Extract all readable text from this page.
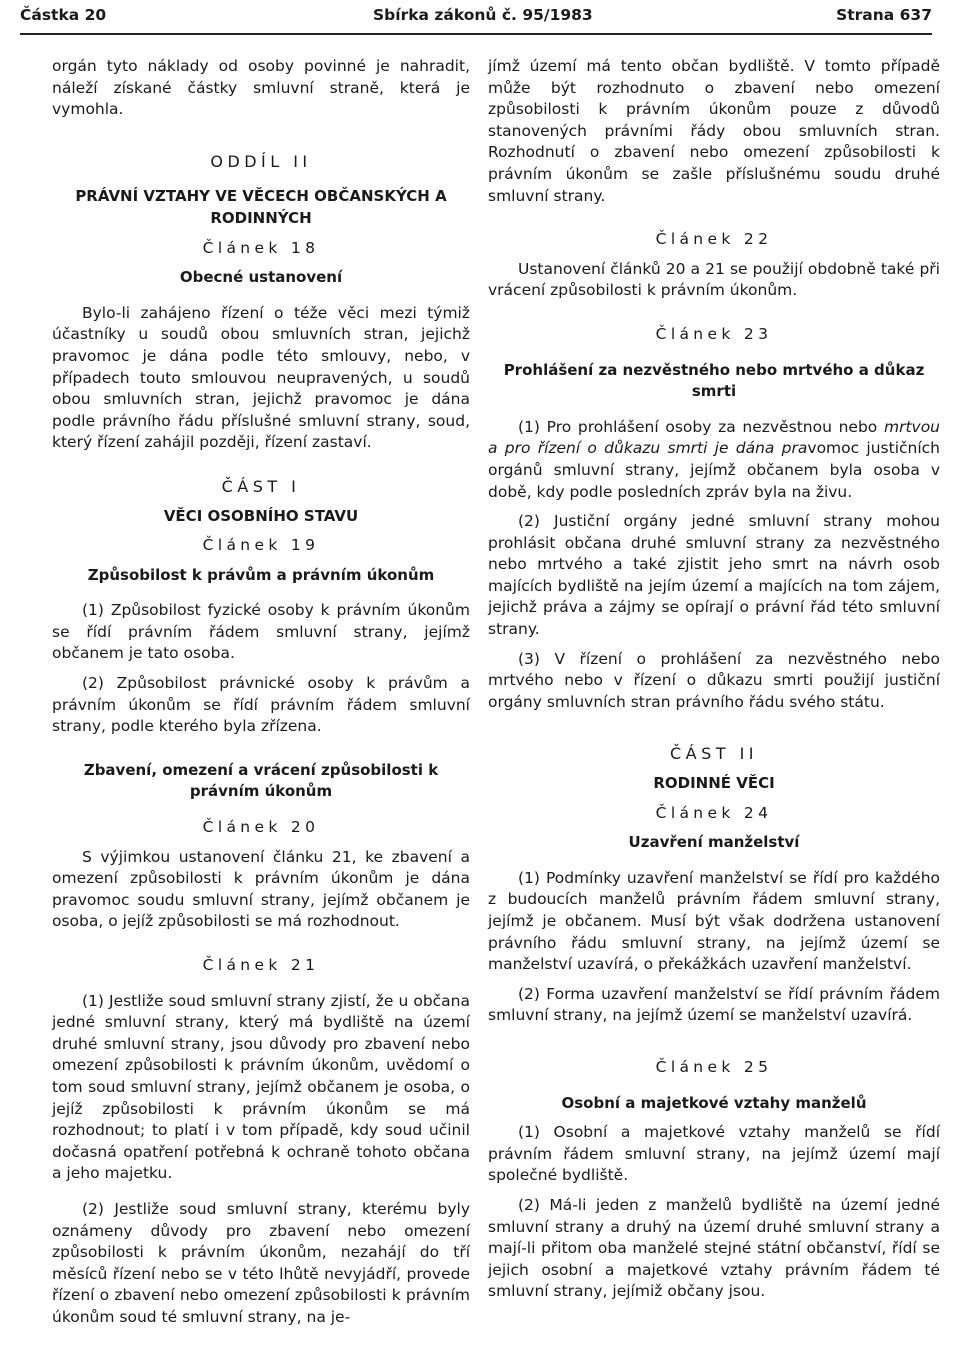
Částka 20	Sbírka zákonů č. 95/1983	Strana 637

orgán tyto náklady od osoby povinné je nahradit, náleží získané částky smluvní straně, která je vymohla.

ODDÍL II

PRÁVNÍ VZTAHY VE VĚCECH OBČANSKÝCH A RODINNÝCH

Článek 18

Obecné ustanovení

Bylo-li zahájeno řízení o téže věci mezi týmiž účastníky u soudů obou smluvních stran, jejichž pravomoc je dána podle této smlouvy, nebo, v případech touto smlouvou neupravených, u soudů obou smluvních stran, jejichž pravomoc je dána podle právního řádu příslušné smluvní strany, soud, který řízení zahájil později, řízení zastaví.

ČÁST I

VĚCI OSOBNÍHO STAVU

Článek 19

Způsobilost k právům a právním úkonům

(1) Způsobilost fyzické osoby k právním úkonům se řídí právním řádem smluvní strany, jejímž občanem je tato osoba.

(2) Způsobilost právnické osoby k právům a právním úkonům se řídí právním řádem smluvní strany, podle kterého byla zřízena.

Zbavení, omezení a vrácení způsobilosti k právním úkonům

Článek 20

S výjimkou ustanovení článku 21, ke zbavení a omezení způsobilosti k právním úkonům je dána pravomoc soudu smluvní strany, jejímž občanem je osoba, o jejíž způsobilosti se má rozhodnout.

Článek 21

(1) Jestliže soud smluvní strany zjistí, že u občana jedné smluvní strany, který má bydliště na území druhé smluvní strany, jsou důvody pro zbavení nebo omezení způsobilosti k právním úkonům, uvědomí o tom soud smluvní strany, jejímž občanem je osoba, o jejíž způsobilosti k právním úkonům se má rozhodnout; to platí i v tom případě, kdy soud učinil dočasná opatření potřebná k ochraně tohoto občana a jeho majetku.

(2) Jestliže soud smluvní strany, kterému byly oznámeny důvody pro zbavení nebo omezení způsobilosti k právním úkonům, nezahájí do tří měsíců řízení nebo se v této lhůtě nevyjádří, provede řízení o zbavení nebo omezení způsobilosti k právním úkonům soud té smluvní strany, na je-

jímž území má tento občan bydliště. V tomto případě může být rozhodnuto o zbavení nebo omezení způsobilosti k právním úkonům pouze z důvodů stanovených právními řády obou smluvních stran. Rozhodnutí o zbavení nebo omezení způsobilosti k právním úkonům se zašle příslušnému soudu druhé smluvní strany.

Článek 22

Ustanovení článků 20 a 21 se použijí obdobně také při vrácení způsobilosti k právním úkonům.

Článek 23

Prohlášení za nezvěstného nebo mrtvého a důkaz smrti

(1) Pro prohlášení osoby za nezvěstnou nebo mrtvou a pro řízení o důkazu smrti je dána pravomoc justičních orgánů smluvní strany, jejímž občanem byla osoba v době, kdy podle posledních zpráv byla na živu.

(2) Justiční orgány jedné smluvní strany mohou prohlásit občana druhé smluvní strany za nezvěstného nebo mrtvého a také zjistit jeho smrt na návrh osob majících bydliště na jejím území a majících na tom zájem, jejichž práva a zájmy se opírají o právní řád této smluvní strany.

(3) V řízení o prohlášení za nezvěstného nebo mrtvého nebo v řízení o důkazu smrti použijí justiční orgány smluvních stran právního řádu svého státu.

ČÁST II

RODINNÉ VĚCI

Článek 24

Uzavření manželství

(1) Podmínky uzavření manželství se řídí pro každého z budoucích manželů právním řádem smluvní strany, jejímž je občanem. Musí být však dodržena ustanovení právního řádu smluvní strany, na jejímž území se manželství uzavírá, o překážkách uzavření manželství.

(2) Forma uzavření manželství se řídí právním řádem smluvní strany, na jejímž území se manželství uzavírá.

Článek 25

Osobní a majetkové vztahy manželů

(1) Osobní a majetkové vztahy manželů se řídí právním řádem smluvní strany, na jejímž území mají společné bydliště.

(2) Má-li jeden z manželů bydliště na území jedné smluvní strany a druhý na území druhé smluvní strany a mají-li přitom oba manželé stejné státní občanství, řídí se jejich osobní a majetkové vztahy právním řádem té smluvní strany, jejímiž občany jsou.
